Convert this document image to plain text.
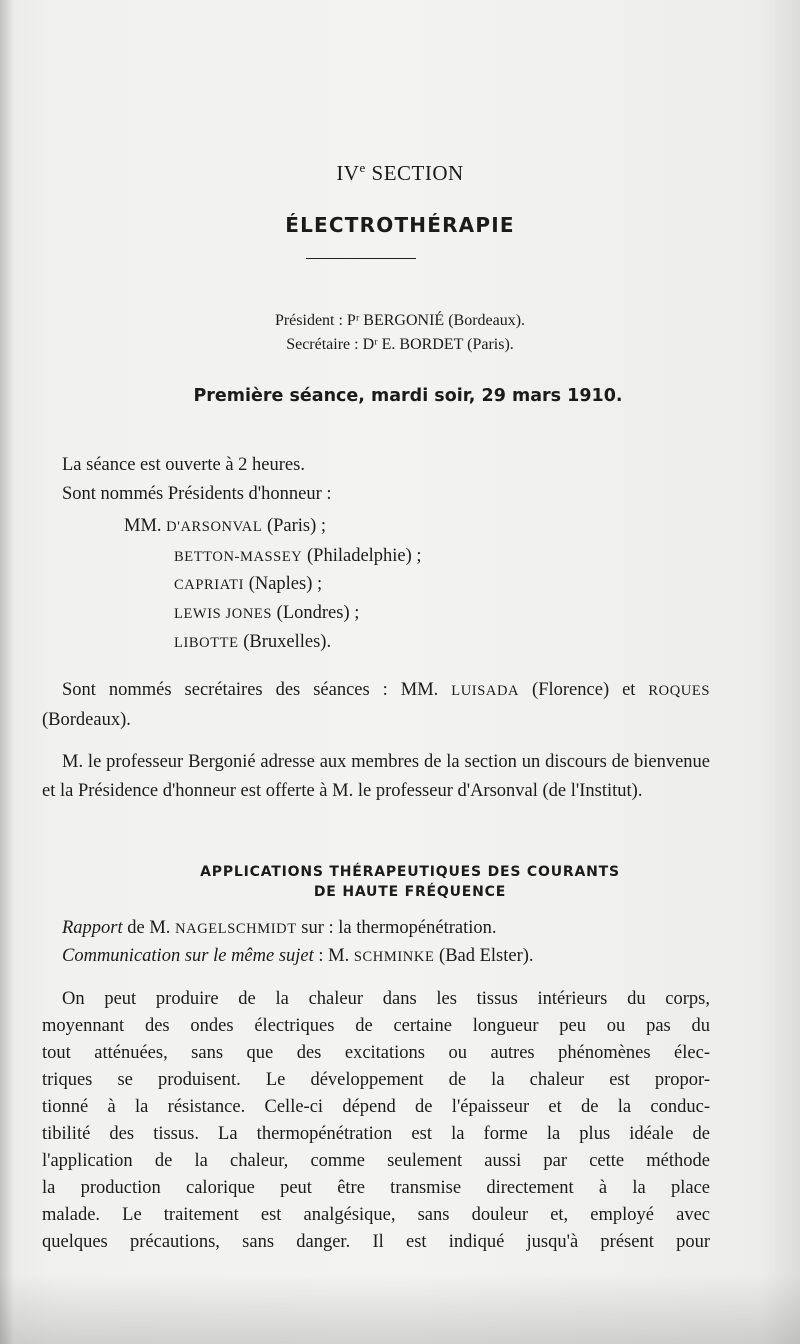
IVe SECTION
ÉLECTROTHÉRAPIE
Président : Pʳ BERGONIÉ (Bordeaux).
Secrétaire : Dʳ E. BORDET (Paris).
Première séance, mardi soir, 29 mars 1910.
La séance est ouverte à 2 heures.
Sont nommés Présidents d'honneur :
MM. D'ARSONVAL (Paris) ;
BETTON-MASSEY (Philadelphie) ;
CAPRIATI (Naples) ;
LEWIS JONES (Londres) ;
LIBOTTE (Bruxelles).

Sont nommés secrétaires des séances : MM. LUISADA (Florence) et ROQUES (Bordeaux).

M. le professeur Bergonié adresse aux membres de la section un discours de bienvenue et la Présidence d'honneur est offerte à M. le professeur d'Arsonval (de l'Institut).

APPLICATIONS THÉRAPEUTIQUES DES COURANTS
DE HAUTE FRÉQUENCE
Rapport de M. NAGELSCHMIDT sur : la thermopénétration.
Communication sur le même sujet : M. SCHMINKE (Bad Elster).
On peut produire de la chaleur dans les tissus intérieurs du corps,
moyennant des ondes électriques de certaine longueur peu ou pas du
tout atténuées, sans que des excitations ou autres phénomènes élec-
triques se produisent. Le développement de la chaleur est propor-
tionné à la résistance. Celle-ci dépend de l'épaisseur et de la conduc-
tibilité des tissus. La thermopénétration est la forme la plus idéale de
l'application de la chaleur, comme seulement aussi par cette méthode
la production calorique peut être transmise directement à la place
malade. Le traitement est analgésique, sans douleur et, employé avec
quelques précautions, sans danger. Il est indiqué jusqu'à présent pour
